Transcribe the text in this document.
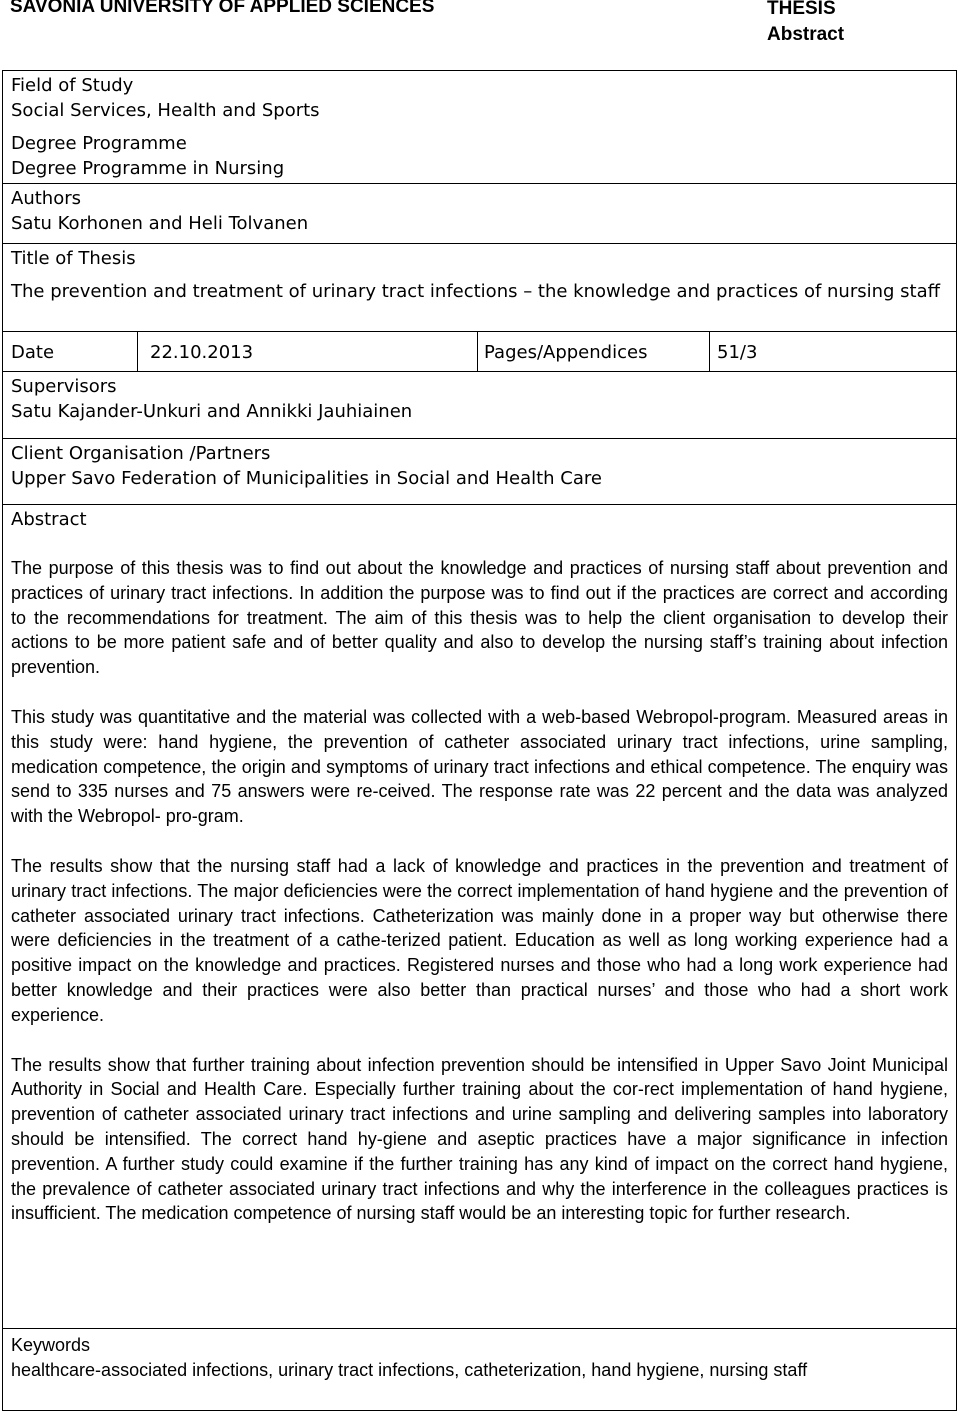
SAVONIA UNIVERSITY OF APPLIED SCIENCES	THESIS
Abstract
Field of Study
Social Services, Health and Sports
Degree Programme
Degree Programme in Nursing
Authors
Satu Korhonen and Heli Tolvanen
Title of Thesis
The prevention and treatment of urinary tract infections – the knowledge and practices of nursing staff
Date	22.10.2013	Pages/Appendices	51/3
Supervisors
Satu Kajander-Unkuri and Annikki Jauhiainen
Client Organisation /Partners
Upper Savo Federation of Municipalities in Social and Health Care
Abstract

The purpose of this thesis was to find out about the knowledge and practices of nursing staff about prevention and practices of urinary tract infections. In addition the purpose was to find out if the practices are correct and according to the recommendations for treatment. The aim of this thesis was to help the client organisation to develop their actions to be more patient safe and of better quality and also to develop the nursing staff’s training about infection prevention.

This study was quantitative and the material was collected with a web-based Webropol-program. Measured areas in this study were: hand hygiene, the prevention of catheter associated urinary tract infections, urine sampling, medication competence, the origin and symptoms of urinary tract infections and ethical competence. The enquiry was send to 335 nurses and 75 answers were re-ceived. The response rate was 22 percent and the data was analyzed with the Webropol- pro-gram.

The results show that the nursing staff had a lack of knowledge and practices in the prevention and treatment of urinary tract infections. The major deficiencies were the correct implementation of hand hygiene and the prevention of catheter associated urinary tract infections. Catheterization was mainly done in a proper way but otherwise there were deficiencies in the treatment of a cathe-terized patient. Education as well as long working experience had a positive impact on the knowledge and practices. Registered nurses and those who had a long work experience had better knowledge and their practices were also better than practical nurses’ and those who had a short work experience.

The results show that further training about infection prevention should be intensified in Upper Savo Joint Municipal Authority in Social and Health Care. Especially further training about the cor-rect implementation of hand hygiene, prevention of catheter associated urinary tract infections and urine sampling and delivering samples into laboratory should be intensified. The correct hand hy-giene and aseptic practices have a major significance in infection prevention. A further study could examine if the further training has any kind of impact on the correct hand hygiene, the prevalence of catheter associated urinary tract infections and why the interference in the colleagues practices is insufficient. The medication competence of nursing staff would be an interesting topic for further research.

Keywords
healthcare-associated infections, urinary tract infections, catheterization, hand hygiene, nursing staff
